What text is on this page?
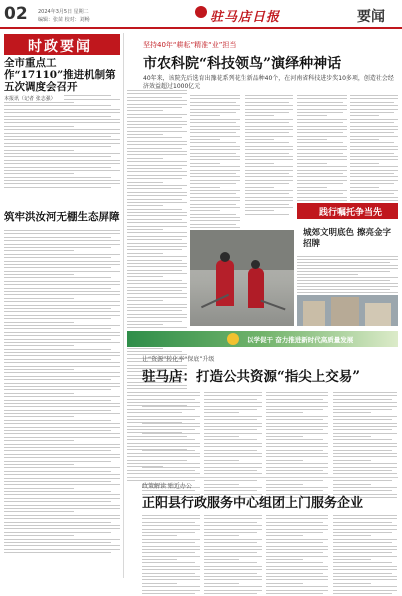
02 2024年3月5日 星期二
编辑：张苗 校对：刘畅	驻马店日报	要闻
时政要闻
全市重点工作“17110”推进机制第五次调度会召开
本报讯（记者 张志强）
筑牢洪汝河无棚生态屏障
坚持40年“耕耘”精准“业”担当
市农科院“科技领鸟”演绎种神话
40年来，该院先后选育出豫花系列花生新品种40个，在河南省科技进步奖10多项，创造社会经济效益超过1000亿元
践行嘱托争当先
城郊文明底色 擦亮金字招牌
以学促干 奋力推进新时代高质量发展
让“资源”转化率“保底”升级
驻马店：打造公共资源“指尖上交易”
政策解读 贴近办公
正阳县行政服务中心组团上门服务企业
